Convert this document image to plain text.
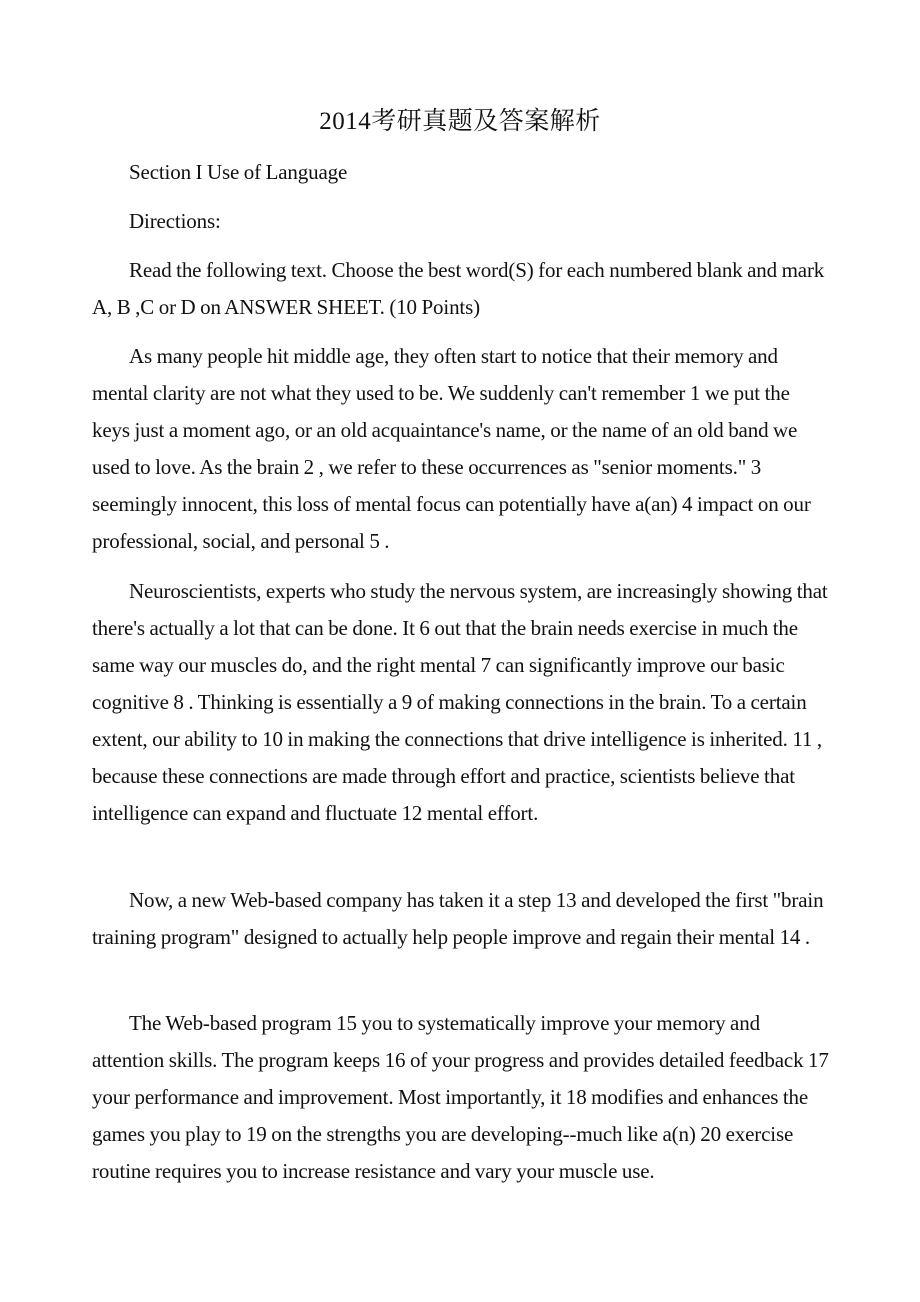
2014考研真题及答案解析

Section I Use of Language

Directions:

Read the following text. Choose the best word(S) for each numbered blank and mark A, B ,C or D on ANSWER SHEET. (10 Points)

As many people hit middle age, they often start to notice that their memory and mental clarity are not what they used to be. We suddenly can't remember 1 we put the keys just a moment ago, or an old acquaintance's name, or the name of an old band we used to love. As the brain 2 , we refer to these occurrences as "senior moments." 3 seemingly innocent, this loss of mental focus can potentially have a(an) 4 impact on our professional, social, and personal 5 .

Neuroscientists, experts who study the nervous system, are increasingly showing that there's actually a lot that can be done. It 6 out that the brain needs exercise in much the same way our muscles do, and the right mental 7 can significantly improve our basic cognitive 8 . Thinking is essentially a 9 of making connections in the brain. To a certain extent, our ability to 10 in making the connections that drive intelligence is inherited. 11 , because these connections are made through effort and practice, scientists believe that intelligence can expand and fluctuate 12 mental effort.

Now, a new Web-based company has taken it a step 13 and developed the first "brain training program" designed to actually help people improve and regain their mental 14 .

The Web-based program 15 you to systematically improve your memory and attention skills. The program keeps 16 of your progress and provides detailed feedback 17 your performance and improvement. Most importantly, it 18 modifies and enhances the games you play to 19 on the strengths you are developing--much like a(n) 20 exercise routine requires you to increase resistance and vary your muscle use.
